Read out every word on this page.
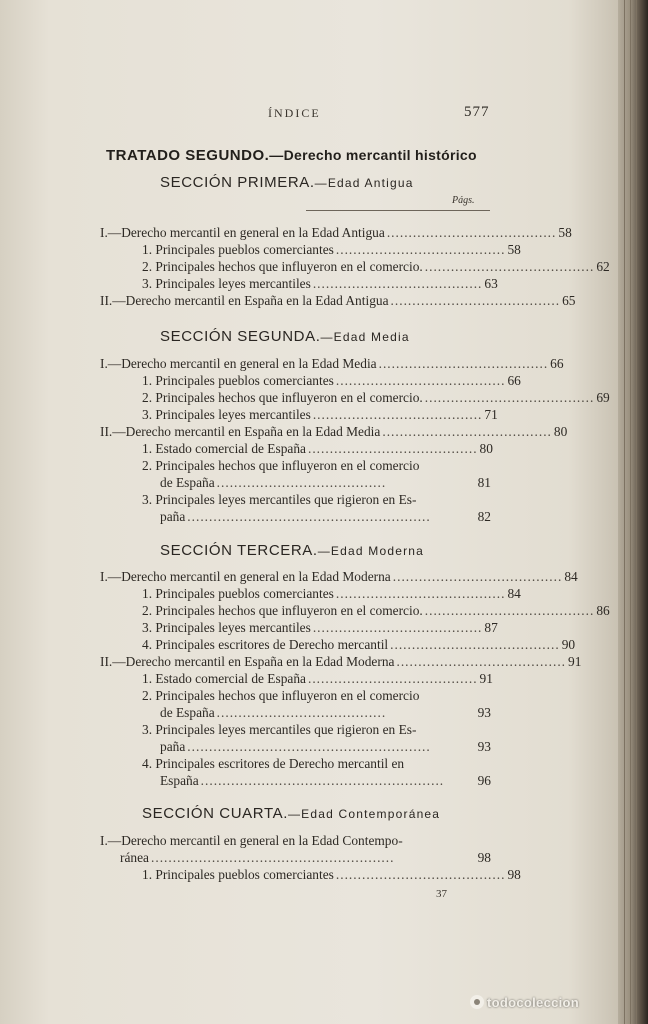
ÍNDICE	577
TRATADO SEGUNDO.—Derecho mercantil histórico
SECCIÓN PRIMERA.—Edad Antigua
Págs.
I.—Derecho mercantil en general en la Edad Antigua ....................................... 58
1. Principales pueblos comerciantes ....................................... 58
2. Principales hechos que influyeron en el comercio. ....................................... 62
3. Principales leyes mercantiles ....................................... 63
II.—Derecho mercantil en España en la Edad Antigua ....................................... 65
SECCIÓN SEGUNDA.—Edad Media
I.—Derecho mercantil en general en la Edad Media ....................................... 66
1. Principales pueblos comerciantes ....................................... 66
2. Principales hechos que influyeron en el comercio. ....................................... 69
3. Principales leyes mercantiles ....................................... 71
II.—Derecho mercantil en España en la Edad Media ....................................... 80
1. Estado comercial de España ....................................... 80
2. Principales hechos que influyeron en el comercio
de España .......................................	81
3. Principales leyes mercantiles que rigieron en Es-
paña ........................................................	82
SECCIÓN TERCERA.—Edad Moderna
I.—Derecho mercantil en general en la Edad Moderna ....................................... 84
1. Principales pueblos comerciantes ....................................... 84
2. Principales hechos que influyeron en el comercio. ....................................... 86
3. Principales leyes mercantiles ....................................... 87
4. Principales escritores de Derecho mercantil ....................................... 90
II.—Derecho mercantil en España en la Edad Moderna ....................................... 91
1. Estado comercial de España ....................................... 91
2. Principales hechos que influyeron en el comercio
de España .......................................	93
3. Principales leyes mercantiles que rigieron en Es-
paña ........................................................	93
4. Principales escritores de Derecho mercantil en
España ........................................................	96
SECCIÓN CUARTA.—Edad Contemporánea
I.—Derecho mercantil en general en la Edad Contempo-
ránea ........................................................	98
1. Principales pueblos comerciantes ....................................... 98
37
todocoleccion
